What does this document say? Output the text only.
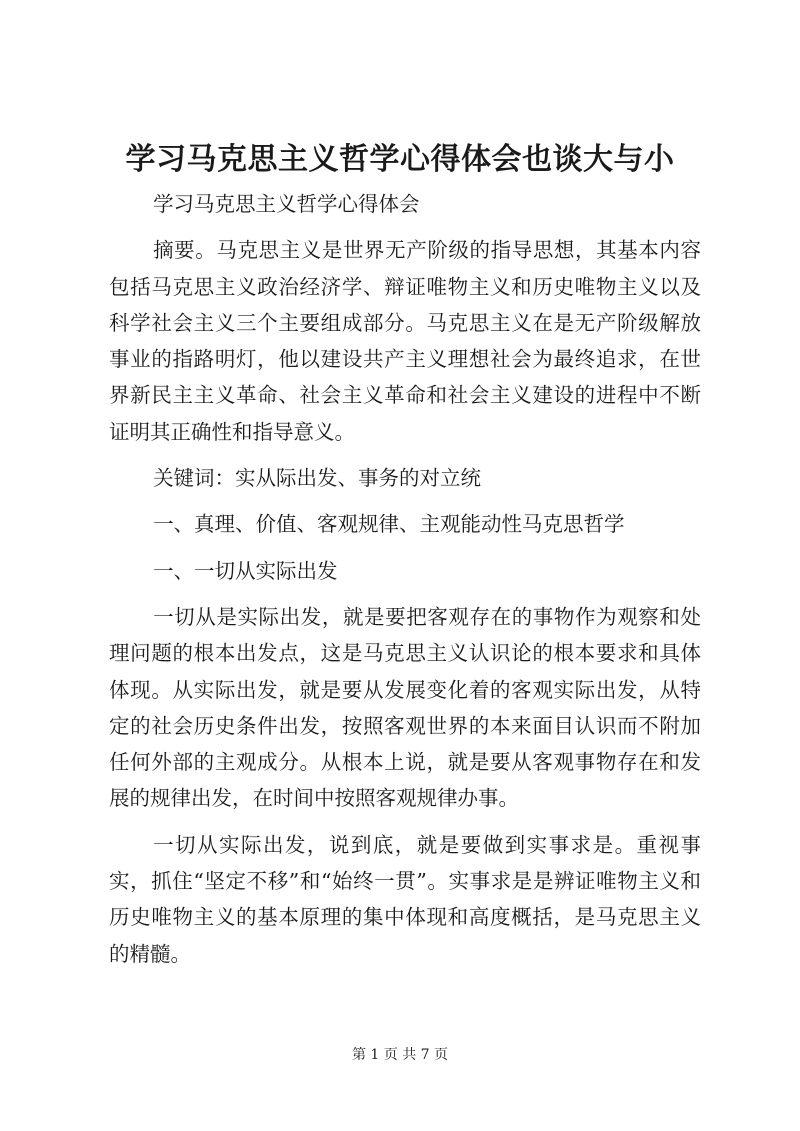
学习马克思主义哲学心得体会也谈大与小

学习马克思主义哲学心得体会

摘要。马克思主义是世界无产阶级的指导思想，其基本内容包括马克思主义政治经济学、辩证唯物主义和历史唯物主义以及科学社会主义三个主要组成部分。马克思主义在是无产阶级解放事业的指路明灯，他以建设共产主义理想社会为最终追求，在世界新民主主义革命、社会主义革命和社会主义建设的进程中不断证明其正确性和指导意义。

关键词：实从际出发、事务的对立统

一、真理、价值、客观规律、主观能动性马克思哲学

一、一切从实际出发

一切从是实际出发，就是要把客观存在的事物作为观察和处理问题的根本出发点，这是马克思主义认识论的根本要求和具体体现。从实际出发，就是要从发展变化着的客观实际出发，从特定的社会历史条件出发，按照客观世界的本来面目认识而不附加任何外部的主观成分。从根本上说，就是要从客观事物存在和发展的规律出发，在时间中按照客观规律办事。

一切从实际出发，说到底，就是要做到实事求是。重视事实，抓住“坚定不移”和“始终一贯”。实事求是是辨证唯物主义和历史唯物主义的基本原理的集中体现和高度概括，是马克思主义的精髓。

第 1 页 共 7 页
